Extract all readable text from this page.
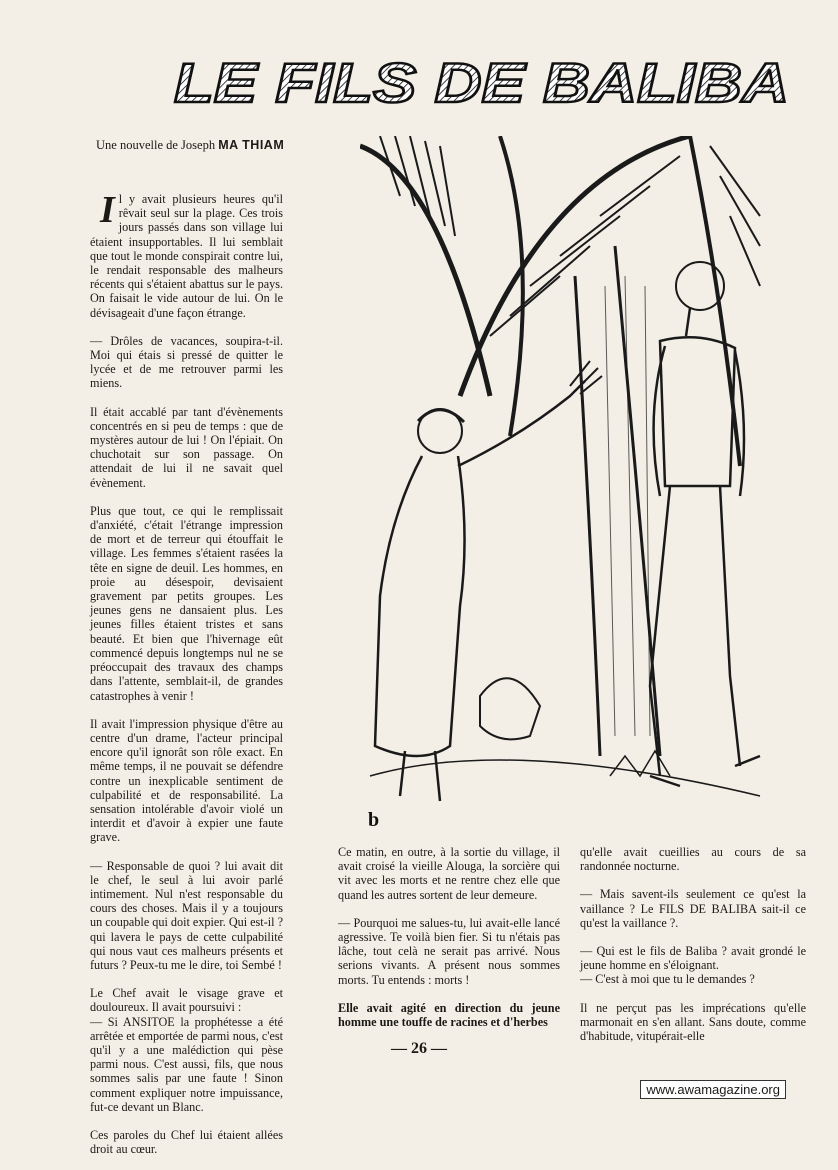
LE FILS DE BALIBA
Une nouvelle de Joseph MA THIAM

Il y avait plusieurs heures qu'il rêvait seul sur la plage. Ces trois jours passés dans son village lui étaient insupportables. Il lui semblait que tout le monde conspirait contre lui, le rendait responsable des malheurs récents qui s'étaient abattus sur le pays. On faisait le vide autour de lui. On le dévisageait d'une façon étrange.

— Drôles de vacances, soupira-t-il. Moi qui étais si pressé de quitter le lycée et de me retrouver parmi les miens.

Il était accablé par tant d'évènements concentrés en si peu de temps : que de mystères autour de lui ! On l'épiait. On chuchotait sur son passage. On attendait de lui il ne savait quel évènement.

Plus que tout, ce qui le remplissait d'anxiété, c'était l'étrange impression de mort et de terreur qui étouffait le village. Les femmes s'étaient rasées la tête en signe de deuil. Les hommes, en proie au désespoir, devisaient gravement par petits groupes. Les jeunes gens ne dansaient plus. Les jeunes filles étaient tristes et sans beauté. Et bien que l'hivernage eût commencé depuis longtemps nul ne se préoccupait des travaux des champs dans l'attente, semblait-il, de grandes catastrophes à venir !

Il avait l'impression physique d'être au centre d'un drame, l'acteur principal encore qu'il ignorât son rôle exact. En même temps, il ne pouvait se défendre contre un inexplicable sentiment de culpabilité et de responsabilité. La sensation intolérable d'avoir violé un interdit et d'avoir à expier une faute grave.

— Responsable de quoi ? lui avait dit le chef, le seul à lui avoir parlé intimement. Nul n'est responsable du cours des choses. Mais il y a toujours un coupable qui doit expier. Qui est-il ? qui lavera le pays de cette culpabilité qui nous vaut ces malheurs présents et futurs ? Peux-tu me le dire, toi Sembé !

Le Chef avait le visage grave et douloureux. Il avait poursuivi :

— Si ANSITOE la prophétesse a été arrêtée et emportée de parmi nous, c'est qu'il y a une malédiction qui pèse parmi nous. C'est aussi, fils, que nous sommes salis par une faute ! Sinon comment expliquer notre impuissance, fut-ce devant un Blanc.

Ces paroles du Chef lui étaient allées droit au cœur.

b

Ce matin, en outre, à la sortie du village, il avait croisé la vieille Alouga, la sorcière qui vit avec les morts et ne rentre chez elle que quand les autres sortent de leur demeure.

— Pourquoi me salues-tu, lui avait-elle lancé agressive. Te voilà bien fier. Si tu n'étais pas lâche, tout celà ne serait pas arrivé. Nous serions vivants. A présent nous sommes morts. Tu entends : morts !

Elle avait agité en direction du jeune homme une touffe de racines et d'herbes

qu'elle avait cueillies au cours de sa randonnée nocturne.

— Mais savent-ils seulement ce qu'est la vaillance ? Le FILS DE BALIBA sait-il ce qu'est la vaillance ?.

— Qui est le fils de Baliba ? avait grondé le jeune homme en s'éloignant.

— C'est à moi que tu le demandes ?

Il ne perçut pas les imprécations qu'elle marmonait en s'en allant. Sans doute, comme d'habitude, vitupérait-elle

— 26 —
www.awamagazine.org
